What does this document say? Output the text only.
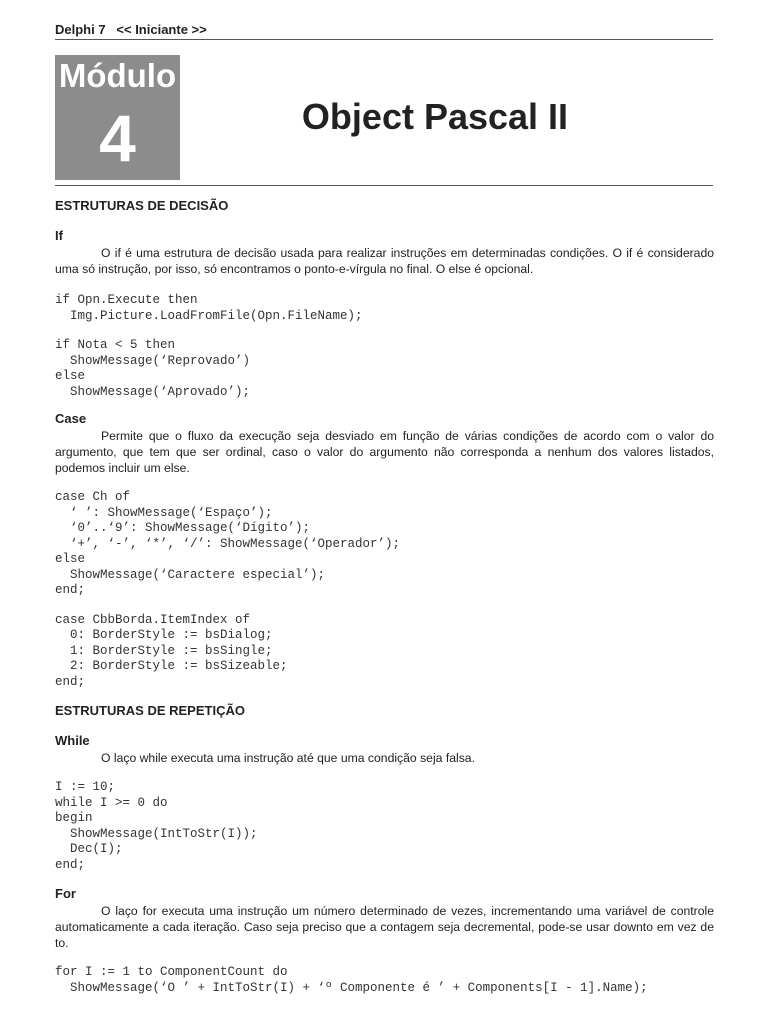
Delphi 7   << Iniciante >>
Módulo
4	Object Pascal II
ESTRUTURAS DE DECISÃO
If

O if é uma estrutura de decisão usada para realizar instruções em determinadas condições. O if é considerado uma só instrução, por isso, só encontramos o ponto-e-vírgula no final. O else é opcional.

if Opn.Execute then
Img.Picture.LoadFromFile(Opn.FileName);
if Nota < 5 then
ShowMessage(‘Reprovado’)
else
ShowMessage(‘Aprovado’);
Case

Permite que o fluxo da execução seja desviado em função de várias condições de acordo com o valor do argumento, que tem que ser ordinal, caso o valor do argumento não corresponda a nenhum dos valores listados, podemos incluir um else.

case Ch of
‘ ’: ShowMessage(‘Espaço’);
‘0’..‘9’: ShowMessage(‘Dígito’);
‘+’, ‘-’, ‘*’, ‘/’: ShowMessage(‘Operador’);
else
ShowMessage(‘Caractere especial’);
end;
case CbbBorda.ItemIndex of
0: BorderStyle := bsDialog;
1: BorderStyle := bsSingle;
2: BorderStyle := bsSizeable;
end;
ESTRUTURAS DE REPETIÇÃO
While

O laço while executa uma instrução até que uma condição seja falsa.

I := 10;
while I >= 0 do
begin
ShowMessage(IntToStr(I));
Dec(I);
end;
For

O laço for executa uma instrução um número determinado de vezes, incrementando uma variável de controle automaticamente a cada iteração. Caso seja preciso que a contagem seja decremental, pode-se usar downto em vez de to.

for I := 1 to ComponentCount do
ShowMessage(‘O ’ + IntToStr(I) + ‘º Componente é ’ + Components[I - 1].Name);
